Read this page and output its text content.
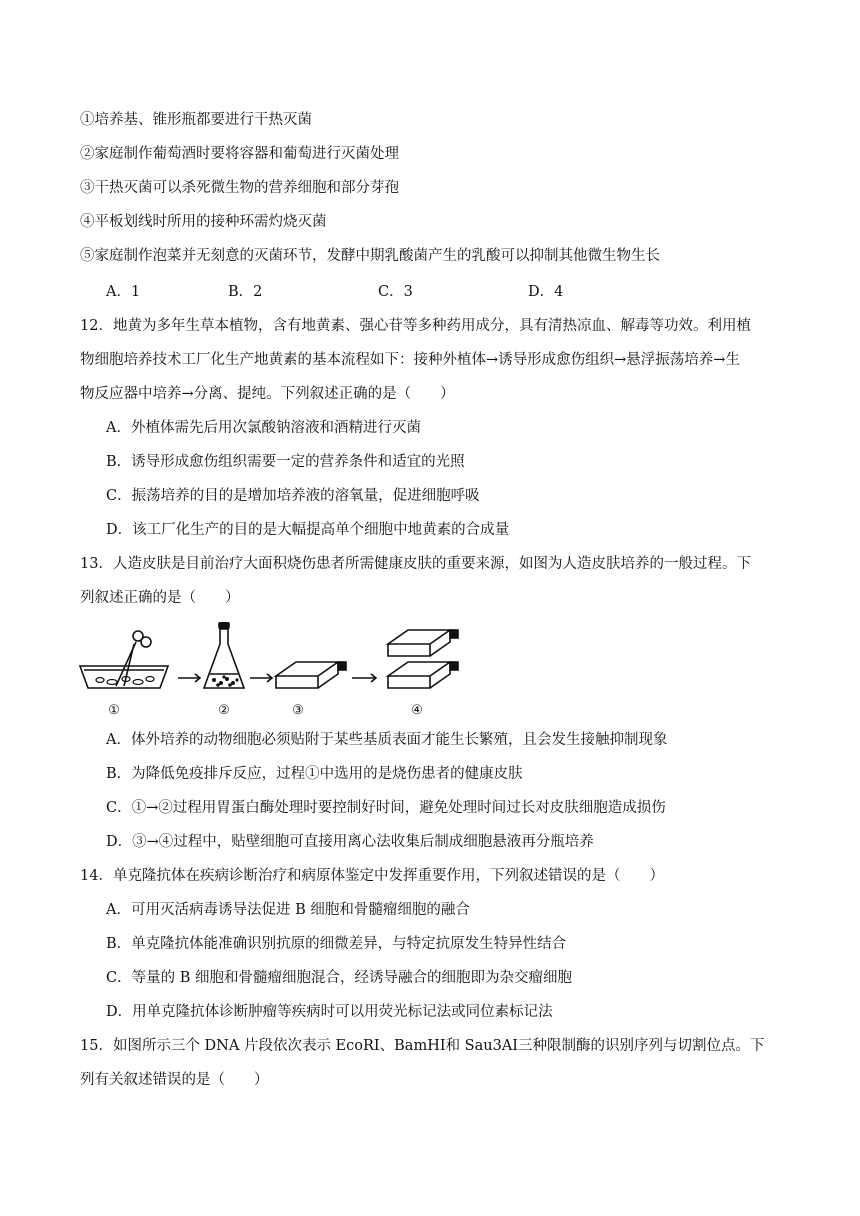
①培养基、锥形瓶都要进行干热灭菌
②家庭制作葡萄酒时要将容器和葡萄进行灭菌处理
③干热灭菌可以杀死微生物的营养细胞和部分芽孢
④平板划线时所用的接种环需灼烧灭菌
⑤家庭制作泡菜并无刻意的灭菌环节，发酵中期乳酸菌产生的乳酸可以抑制其他微生物生长
A．1	B．2	C．3	D．4
12．地黄为多年生草本植物，含有地黄素、强心苷等多种药用成分，具有清热凉血、解毒等功效。利用植
物细胞培养技术工厂化生产地黄素的基本流程如下：接种外植体→诱导形成愈伤组织→悬浮振荡培养→生
物反应器中培养→分离、提纯。下列叙述正确的是（　　）
A．外植体需先后用次氯酸钠溶液和酒精进行灭菌
B．诱导形成愈伤组织需要一定的营养条件和适宜的光照
C．振荡培养的目的是增加培养液的溶氧量，促进细胞呼吸
D．该工厂化生产的目的是大幅提高单个细胞中地黄素的合成量
13．人造皮肤是目前治疗大面积烧伤患者所需健康皮肤的重要来源，如图为人造皮肤培养的一般过程。下
列叙述正确的是（　　）
①	②	③	④
A．体外培养的动物细胞必须贴附于某些基质表面才能生长繁殖，且会发生接触抑制现象
B．为降低免疫排斥反应，过程①中选用的是烧伤患者的健康皮肤
C．①→②过程用胃蛋白酶处理时要控制好时间，避免处理时间过长对皮肤细胞造成损伤
D．③→④过程中，贴壁细胞可直接用离心法收集后制成细胞悬液再分瓶培养
14．单克隆抗体在疾病诊断治疗和病原体鉴定中发挥重要作用，下列叙述错误的是（　　）
A．可用灭活病毒诱导法促进 B 细胞和骨髓瘤细胞的融合
B．单克隆抗体能准确识别抗原的细微差异，与特定抗原发生特异性结合
C．等量的 B 细胞和骨髓瘤细胞混合，经诱导融合的细胞即为杂交瘤细胞
D．用单克隆抗体诊断肿瘤等疾病时可以用荧光标记法或同位素标记法
15．如图所示三个 DNA 片段依次表示 EcoRⅠ、BamHⅠ和 Sau3AⅠ三种限制酶的识别序列与切割位点。下
列有关叙述错误的是（　　）
